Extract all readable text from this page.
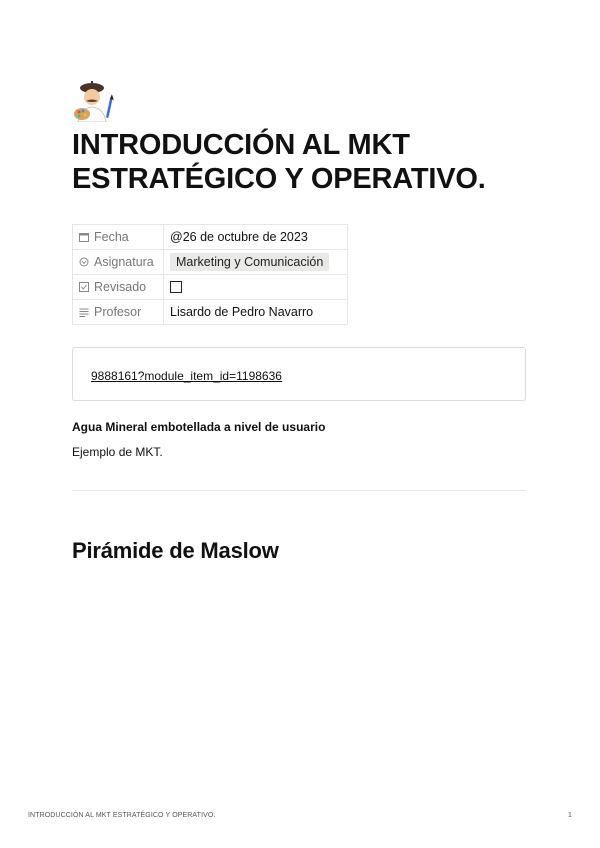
INTRODUCCIÓN AL MKT ESTRATÉGICO Y OPERATIVO.
Fecha	@26 de octubre de 2023
Asignatura	Marketing y Comunicación
Revisado	
Profesor	Lisardo de Pedro Navarro
9888161?module_item_id=1198636
Agua Mineral embotellada a nivel de usuario
Ejemplo de MKT.
Pirámide de Maslow
INTRODUCCIÓN AL MKT ESTRATÉGICO Y OPERATIVO.	1
